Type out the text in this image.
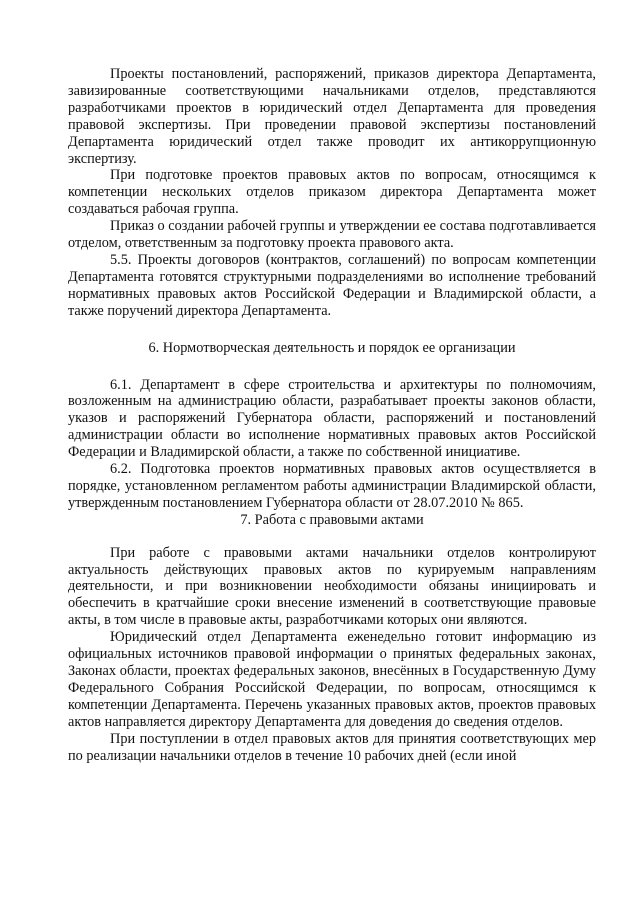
Проекты постановлений, распоряжений, приказов директора Департамента, завизированные соответствующими начальниками отделов, представляются разработчиками проектов в юридический отдел Департамента для проведения правовой экспертизы. При проведении правовой экспертизы постановлений Департамента юридический отдел также проводит их антикоррупционную экспертизу.

При подготовке проектов правовых актов по вопросам, относящимся к компетенции нескольких отделов приказом директора Департамента может создаваться рабочая группа.

Приказ о создании рабочей группы и утверждении ее состава подготавливается отделом, ответственным за подготовку проекта правового акта.

5.5. Проекты договоров (контрактов, соглашений) по вопросам компетенции Департамента готовятся структурными подразделениями во исполнение требований нормативных правовых актов Российской Федерации и Владимирской области, а также поручений директора Департамента.

6. Нормотворческая деятельность и порядок ее организации

6.1. Департамент в сфере строительства и архитектуры по полномочиям, возложенным на администрацию области, разрабатывает проекты законов области, указов и распоряжений Губернатора области, распоряжений и постановлений администрации области во исполнение нормативных правовых актов Российской Федерации и Владимирской области, а также по собственной инициативе.

6.2. Подготовка проектов нормативных правовых актов осуществляется в порядке, установленном регламентом работы администрации Владимирской области, утвержденным постановлением Губернатора области от 28.07.2010 № 865.

7. Работа с правовыми актами

При работе с правовыми актами начальники отделов контролируют актуальность действующих правовых актов по курируемым направлениям деятельности, и при возникновении необходимости обязаны инициировать и обеспечить в кратчайшие сроки внесение изменений в соответствующие правовые акты, в том числе в правовые акты, разработчиками которых они являются.

Юридический отдел Департамента еженедельно готовит информацию из официальных источников правовой информации о принятых федеральных законах, Законах области, проектах федеральных законов, внесённых в Государственную Думу Федерального Собрания Российской Федерации, по вопросам, относящимся к компетенции Департамента. Перечень указанных правовых актов, проектов правовых актов направляется директору Департамента для доведения до сведения отделов.

При поступлении в отдел правовых актов для принятия соответствующих мер по реализации начальники отделов в течение 10 рабочих дней (если иной
